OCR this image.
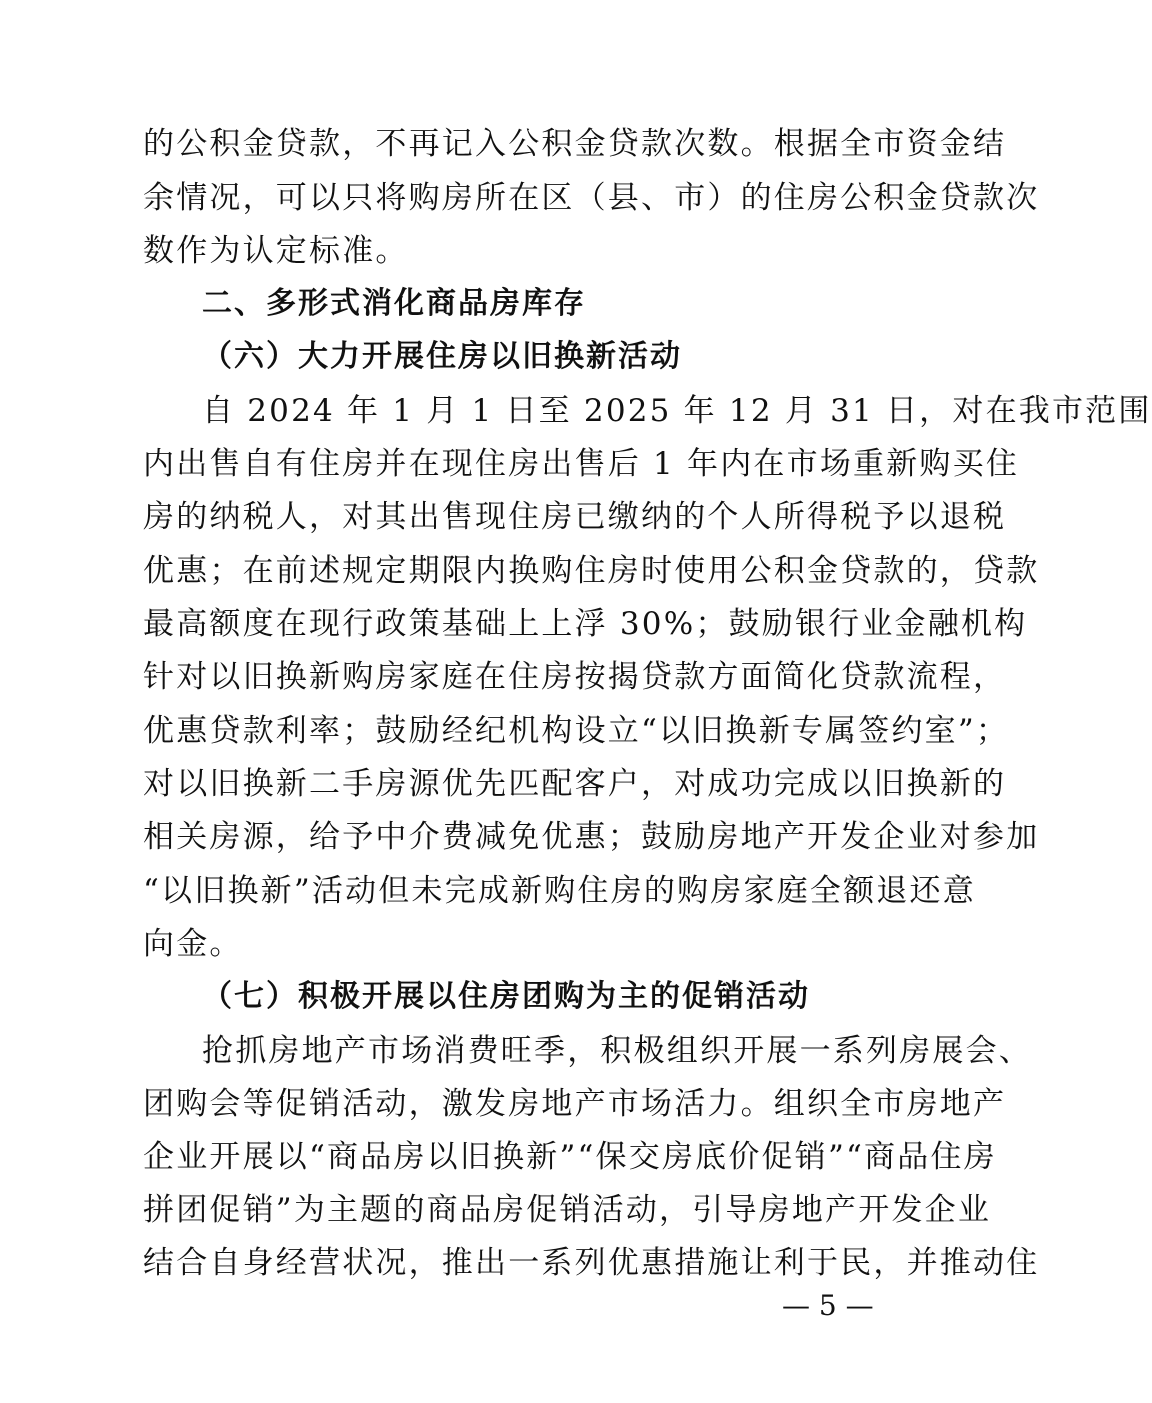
的公积金贷款，不再记入公积金贷款次数。根据全市资金结
余情况，可以只将购房所在区（县、市）的住房公积金贷款次
数作为认定标准。
二、多形式消化商品房库存
（六）大力开展住房以旧换新活动
自 2024 年 1 月 1 日至 2025 年 12 月 31 日，对在我市范围
内出售自有住房并在现住房出售后 1 年内在市场重新购买住
房的纳税人，对其出售现住房已缴纳的个人所得税予以退税
优惠；在前述规定期限内换购住房时使用公积金贷款的，贷款
最高额度在现行政策基础上上浮 30%；鼓励银行业金融机构
针对以旧换新购房家庭在住房按揭贷款方面简化贷款流程，
优惠贷款利率；鼓励经纪机构设立“以旧换新专属签约室”；
对以旧换新二手房源优先匹配客户，对成功完成以旧换新的
相关房源，给予中介费减免优惠；鼓励房地产开发企业对参加
“以旧换新”活动但未完成新购住房的购房家庭全额退还意
向金。
（七）积极开展以住房团购为主的促销活动
抢抓房地产市场消费旺季，积极组织开展一系列房展会、
团购会等促销活动，激发房地产市场活力。组织全市房地产
企业开展以“商品房以旧换新”“保交房底价促销”“商品住房
拼团促销”为主题的商品房促销活动，引导房地产开发企业
结合自身经营状况，推出一系列优惠措施让利于民，并推动住
— 5 —
